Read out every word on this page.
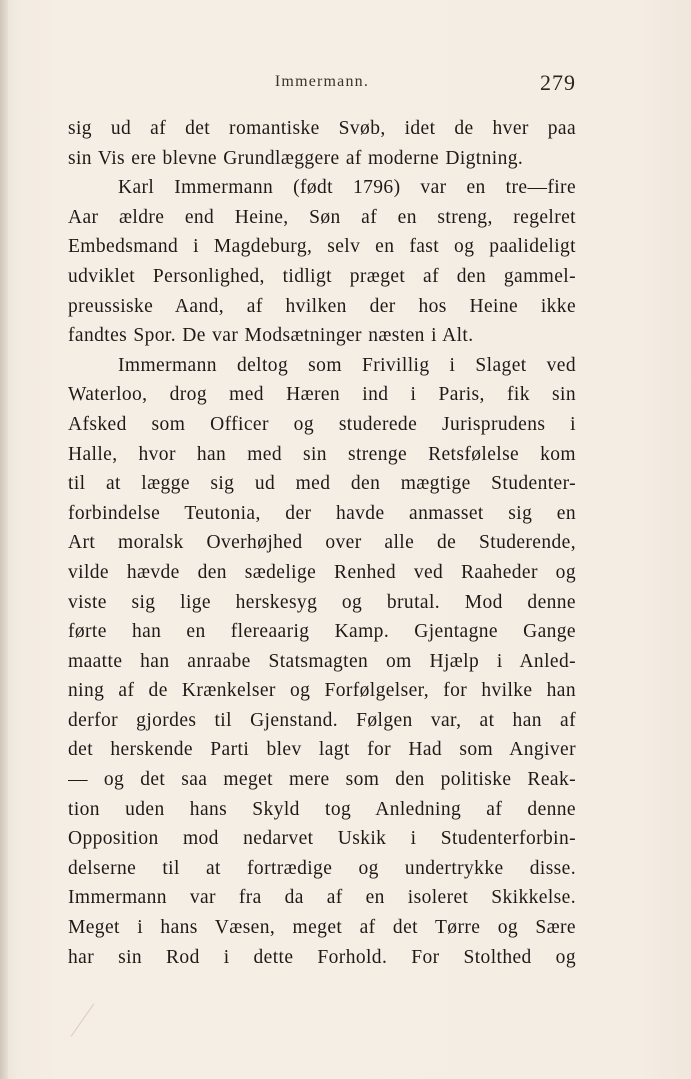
Immermann.	279
sig ud af det romantiske Svøb, idet de hver paa
sin Vis ere blevne Grundlæggere af moderne Digtning.
Karl Immermann (født 1796) var en tre—fire
Aar ældre end Heine, Søn af en streng, regelret
Embedsmand i Magdeburg, selv en fast og paalideligt
udviklet Personlighed, tidligt præget af den gammel-
preussiske Aand, af hvilken der hos Heine ikke
fandtes Spor. De var Modsætninger næsten i Alt.
Immermann deltog som Frivillig i Slaget ved
Waterloo, drog med Hæren ind i Paris, fik sin
Afsked som Officer og studerede Jurisprudens i
Halle, hvor han med sin strenge Retsfølelse kom
til at lægge sig ud med den mægtige Studenter-
forbindelse Teutonia, der havde anmasset sig en
Art moralsk Overhøjhed over alle de Studerende,
vilde hævde den sædelige Renhed ved Raaheder og
viste sig lige herskesyg og brutal. Mod denne
førte han en flereaarig Kamp. Gjentagne Gange
maatte han anraabe Statsmagten om Hjælp i Anled-
ning af de Krænkelser og Forfølgelser, for hvilke han
derfor gjordes til Gjenstand. Følgen var, at han af
det herskende Parti blev lagt for Had som Angiver
— og det saa meget mere som den politiske Reak-
tion uden hans Skyld tog Anledning af denne
Opposition mod nedarvet Uskik i Studenterforbin-
delserne til at fortrædige og undertrykke disse.
Immermann var fra da af en isoleret Skikkelse.
Meget i hans Væsen, meget af det Tørre og Sære
har sin Rod i dette Forhold. For Stolthed og
